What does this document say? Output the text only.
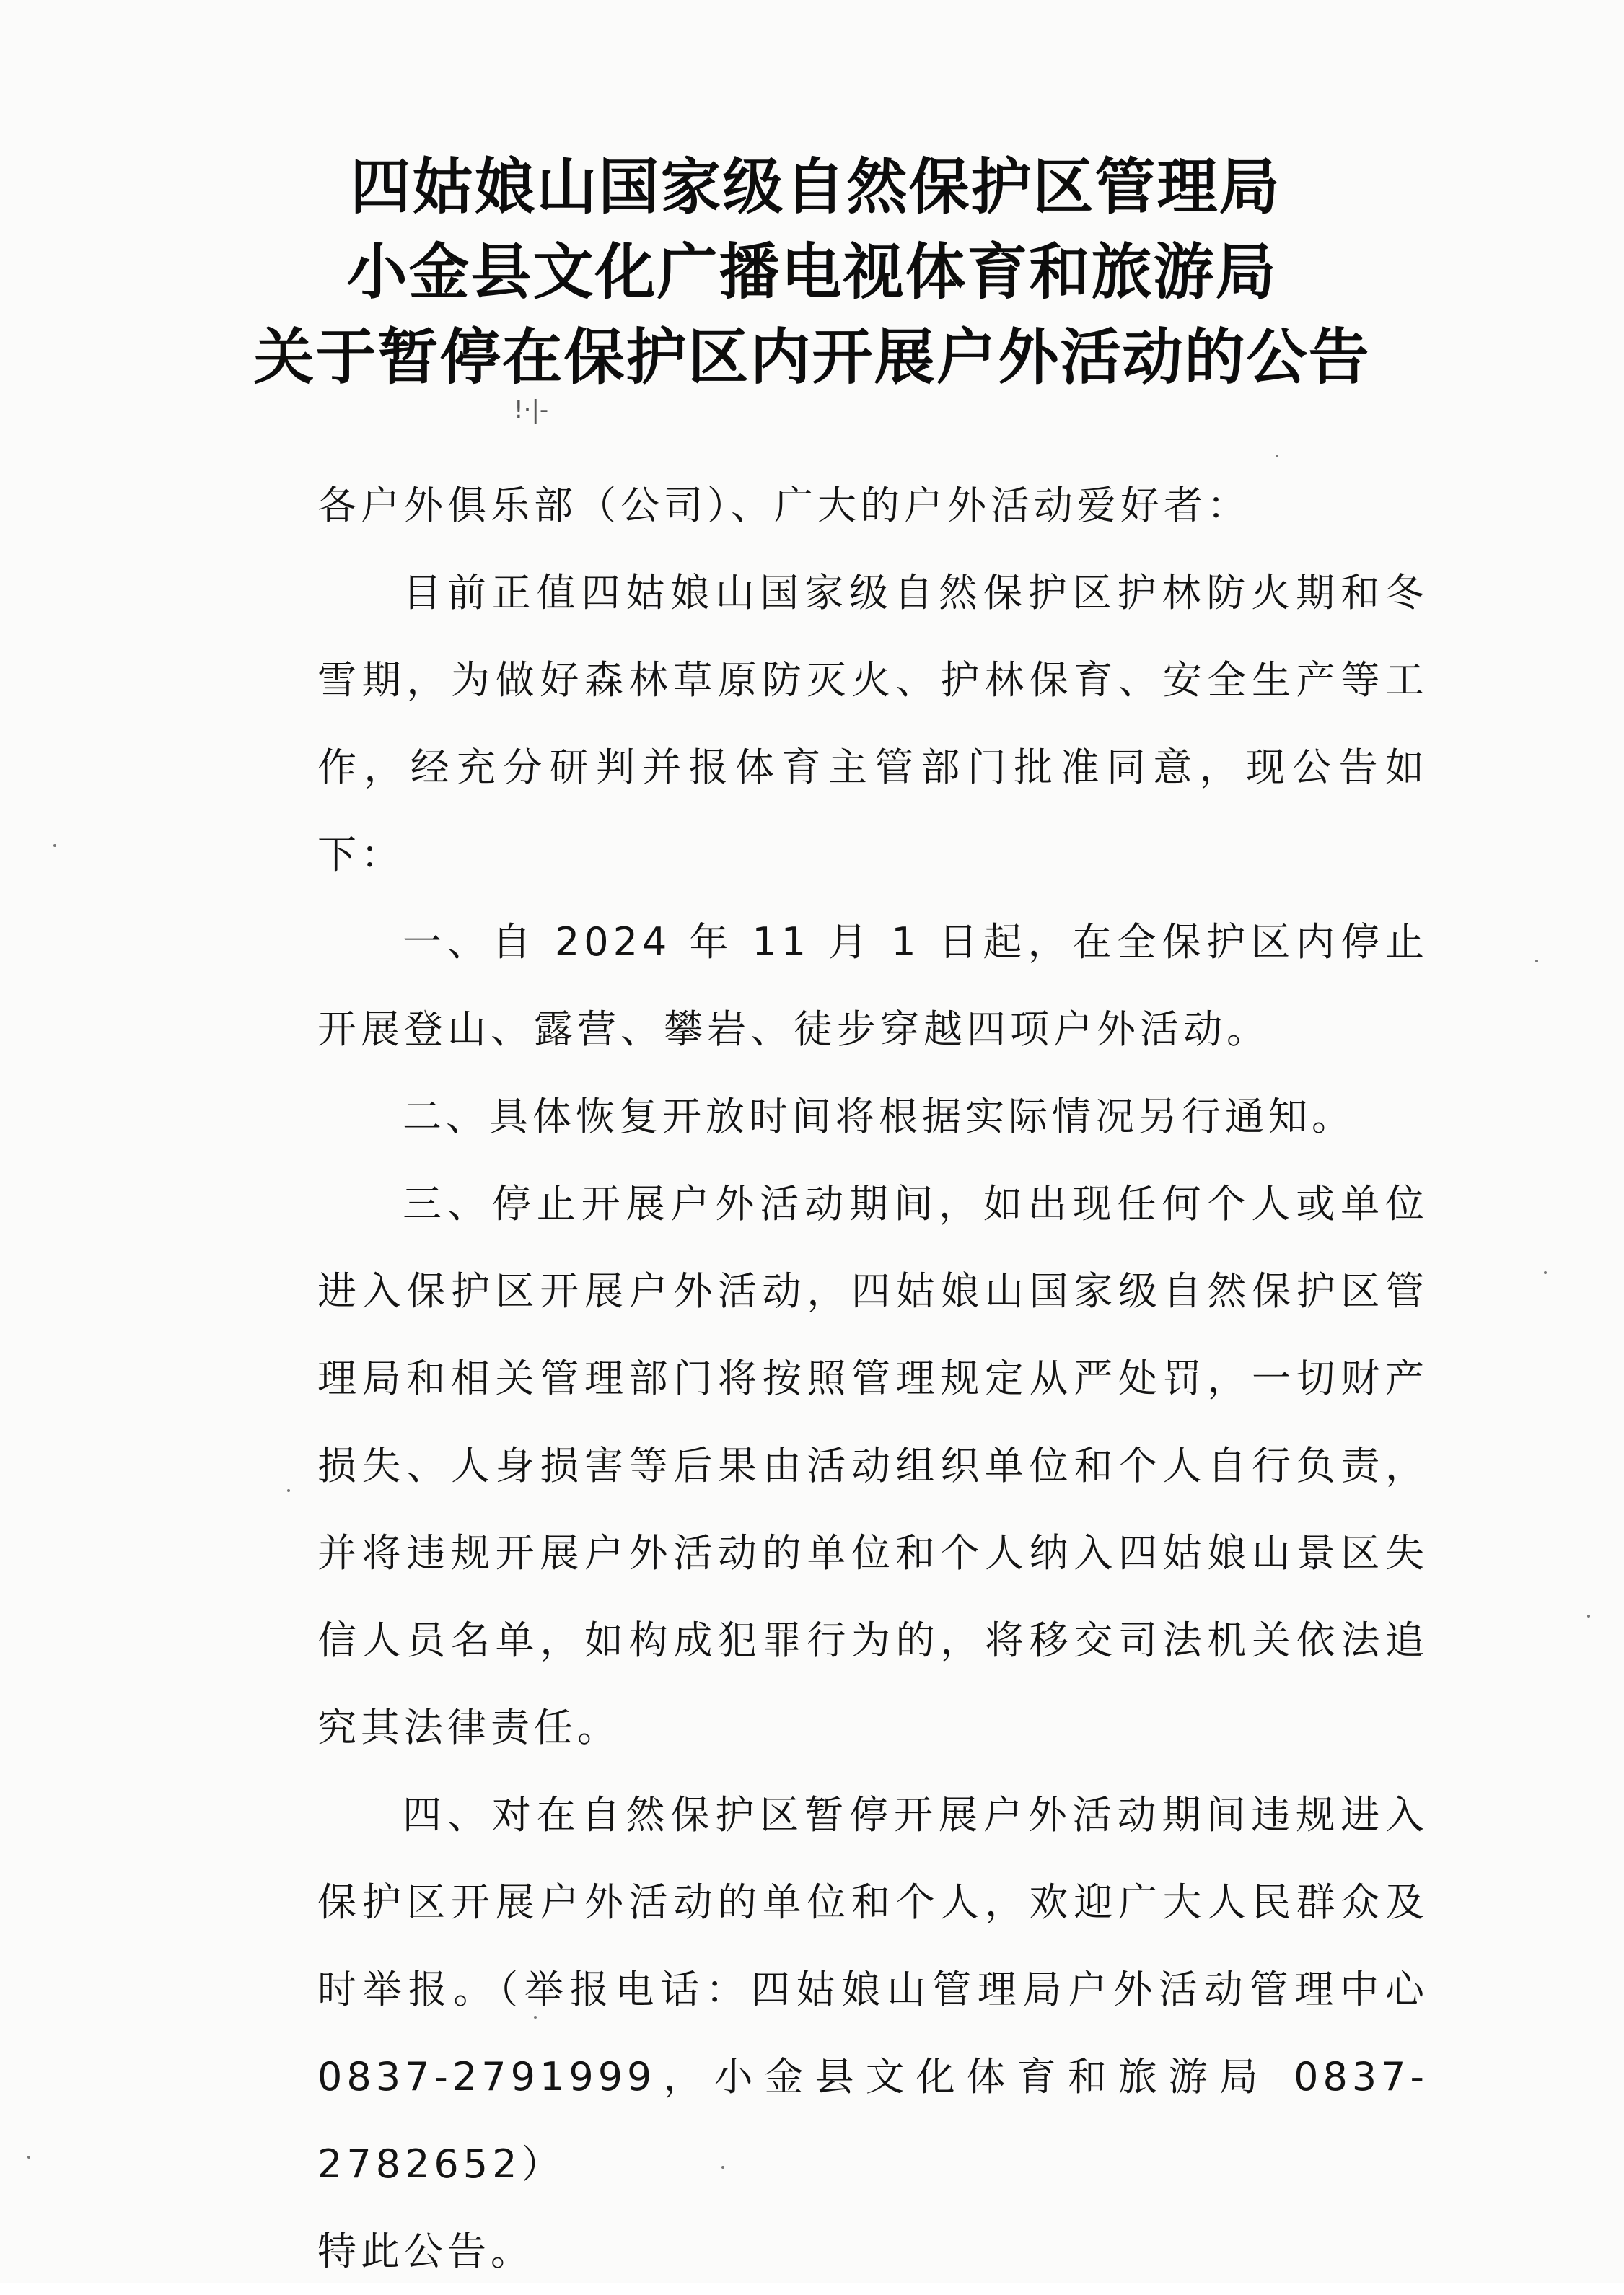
四姑娘山国家级自然保护区管理局
小金县文化广播电视体育和旅游局
关于暂停在保护区内开展户外活动的公告
!·|-

各户外俱乐部（公司）、广大的户外活动爱好者：

目前正值四姑娘山国家级自然保护区护林防火期和冬雪期，为做好森林草原防灭火、护林保育、安全生产等工作，经充分研判并报体育主管部门批准同意，现公告如下：

一、自 2024 年 11 月 1 日起，在全保护区内停止开展登山、露营、攀岩、徒步穿越四项户外活动。

二、具体恢复开放时间将根据实际情况另行通知。

三、停止开展户外活动期间，如出现任何个人或单位进入保护区开展户外活动，四姑娘山国家级自然保护区管理局和相关管理部门将按照管理规定从严处罚，一切财产损失、人身损害等后果由活动组织单位和个人自行负责，并将违规开展户外活动的单位和个人纳入四姑娘山景区失信人员名单，如构成犯罪行为的，将移交司法机关依法追究其法律责任。

四、对在自然保护区暂停开展户外活动期间违规进入保护区开展户外活动的单位和个人，欢迎广大人民群众及时举报。（举报电话：四姑娘山管理局户外活动管理中心 0837-2791999，小金县文化体育和旅游局 0837-2782652）

特此公告。
